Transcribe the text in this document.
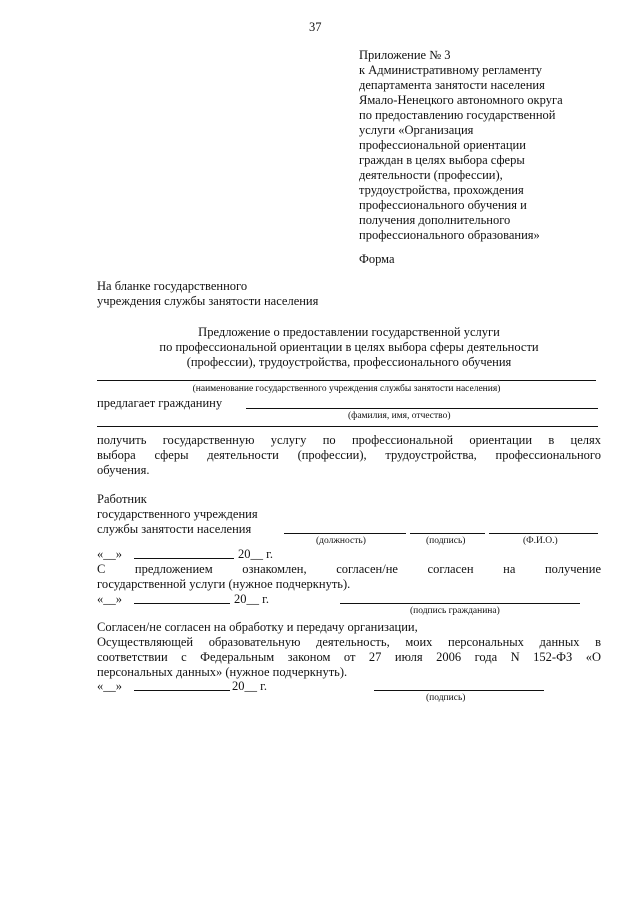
37
Приложение № 3
к Административному регламенту
департамента занятости населения
Ямало-Ненецкого автономного округа
по предоставлению государственной
услуги «Организация
профессиональной ориентации
граждан в целях выбора сферы
деятельности (профессии),
трудоустройства, прохождения
профессионального обучения и
получения дополнительного
профессионального образования»
Форма
На бланке государственного
учреждения службы занятости населения
Предложение о предоставлении государственной услуги
по профессиональной ориентации в целях выбора сферы деятельности
(профессии), трудоустройства, профессионального обучения
(наименование государственного учреждения службы занятости населения)
предлагает гражданину
(фамилия, имя, отчество)
получить государственную услугу по профессиональной ориентации в целях
выбора сферы деятельности (профессии), трудоустройства, профессионального
обучения.
Работник
государственного учреждения
службы занятости населения
(должность)	(подпись)	(Ф.И.О.)
«__»	20__ г.
С предложением ознакомлен, согласен/не согласен на получение
государственной услуги (нужное подчеркнуть).
«__»	20__ г.
(подпись гражданина)
Согласен/не согласен на обработку и передачу организации,
Осуществляющей образовательную деятельность, моих персональных данных в
соответствии с Федеральным законом от 27 июля 2006 года N 152-ФЗ «О
персональных данных» (нужное подчеркнуть).
«__»	20__ г.
(подпись)
